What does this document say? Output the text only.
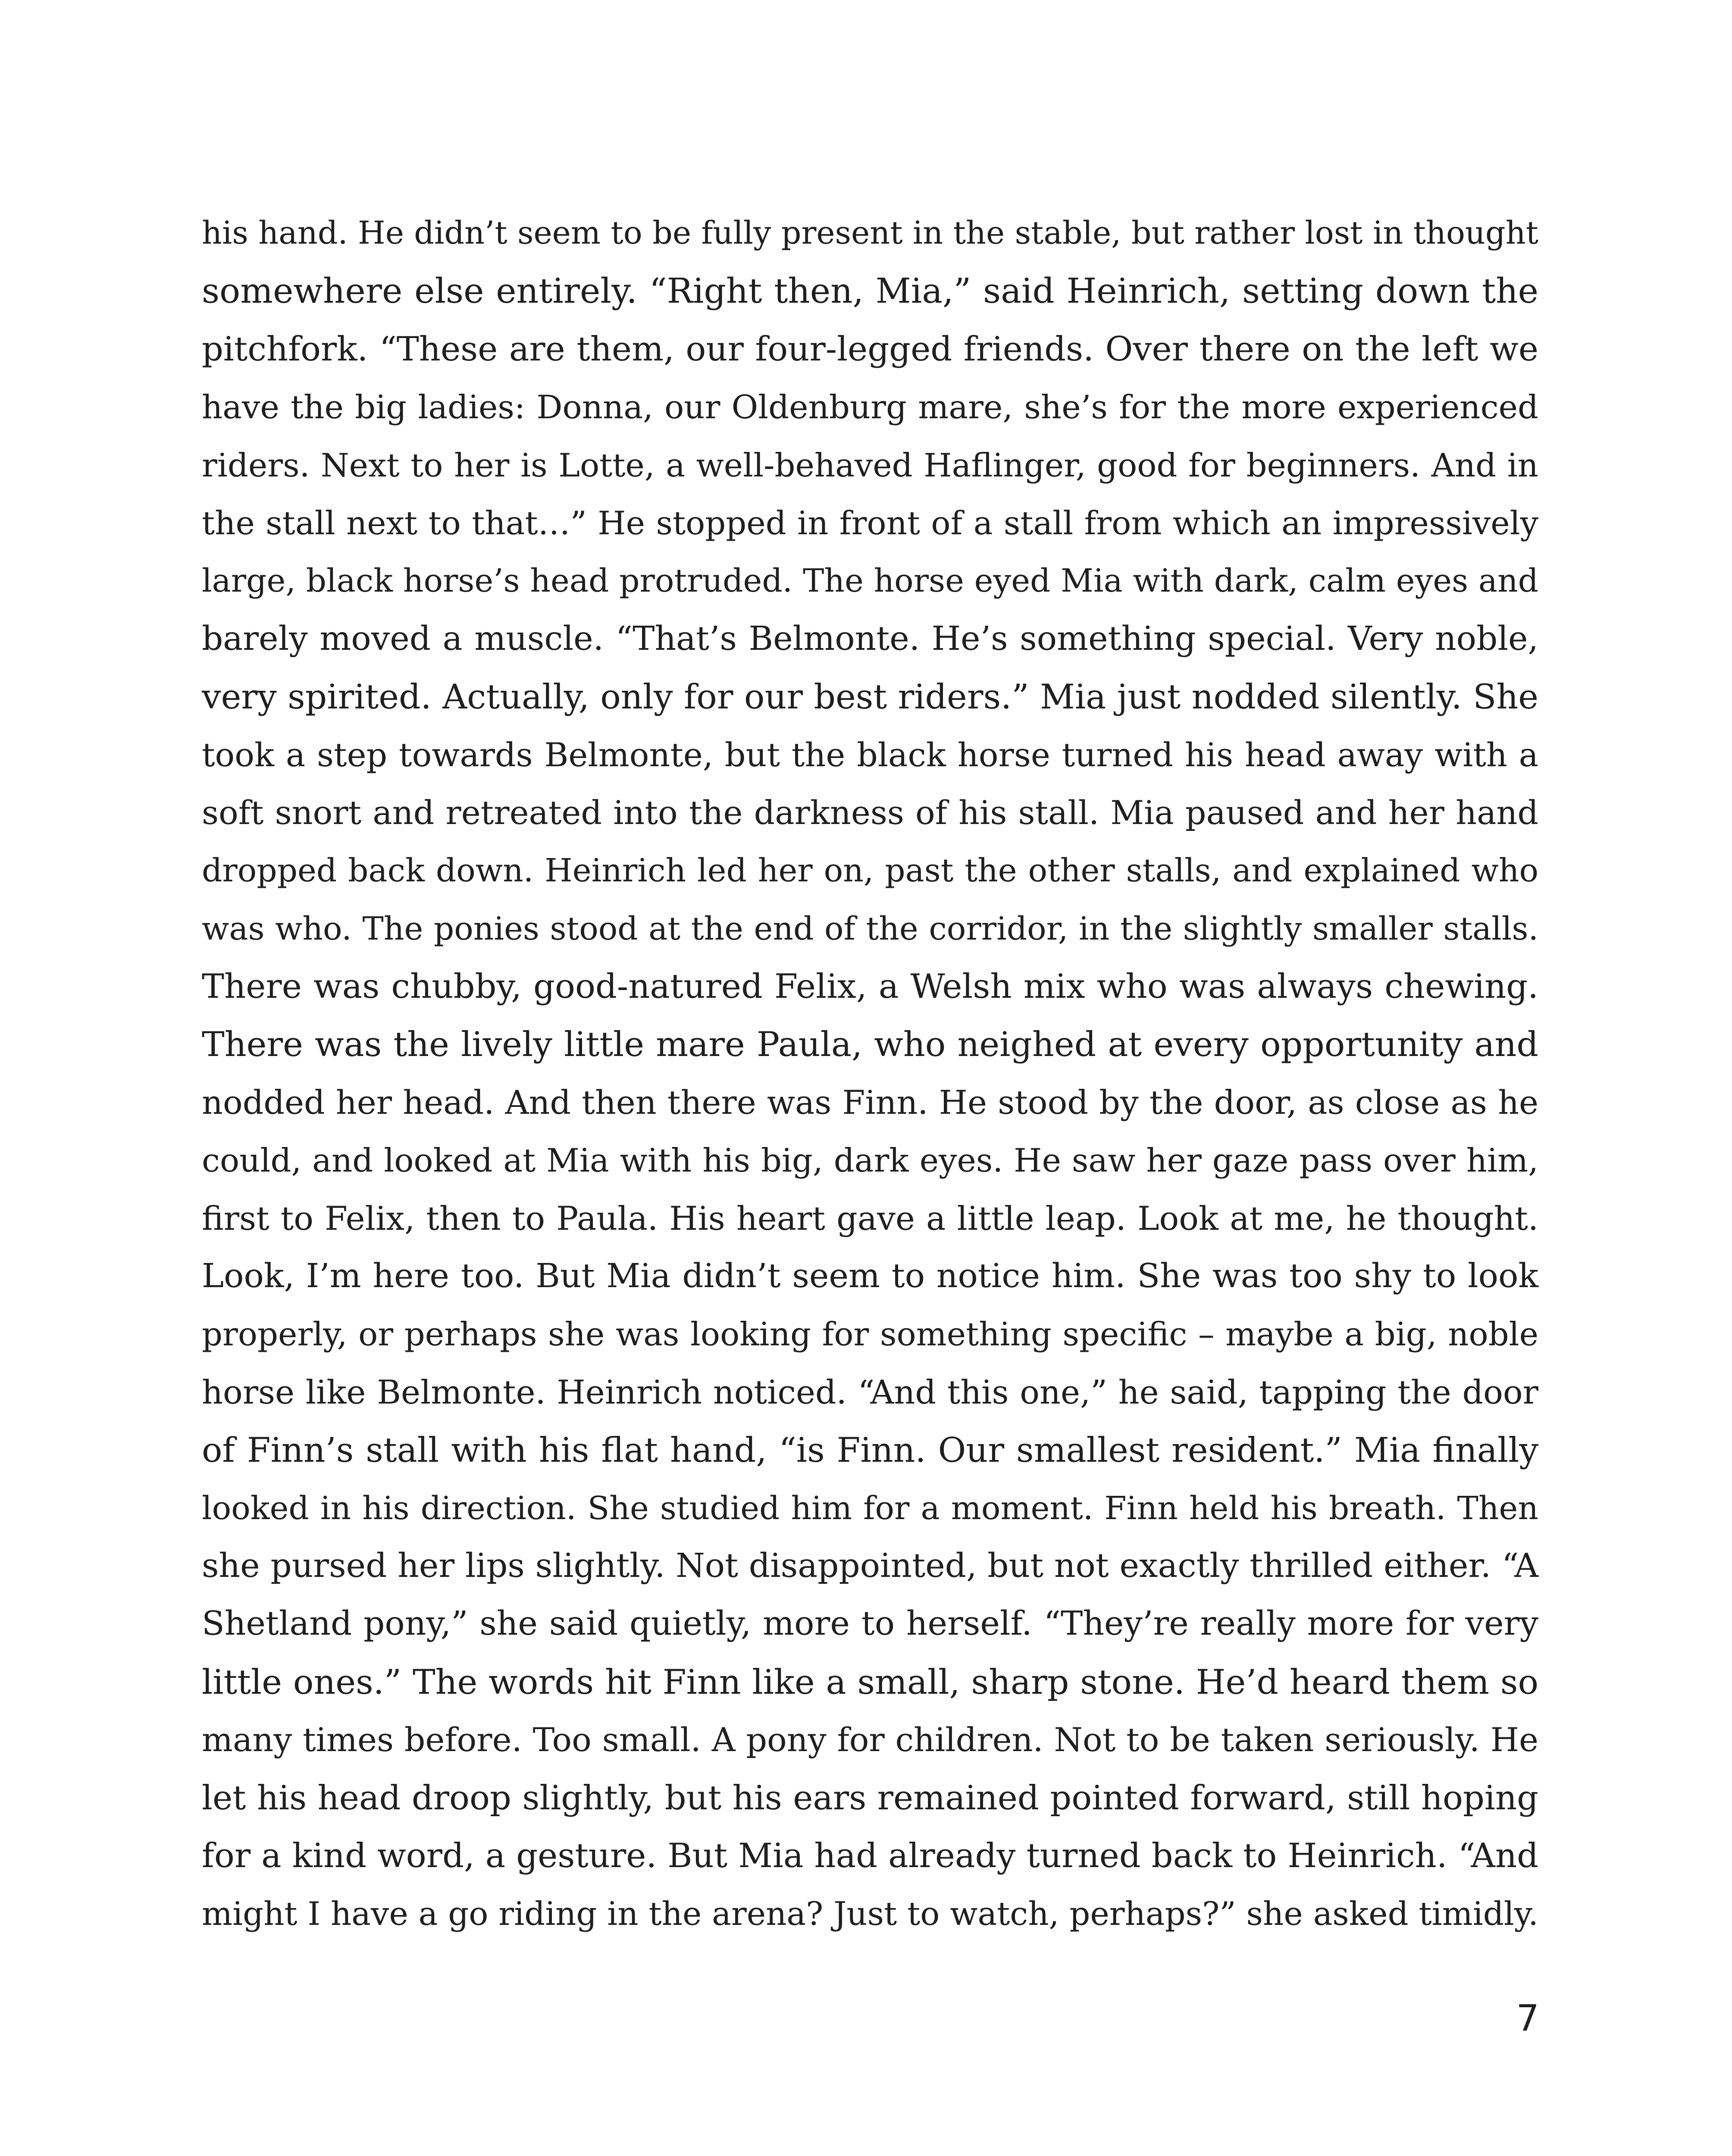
his hand. He didn’t seem to be fully present in the stable, but rather lost in thought
somewhere else entirely. “Right then, Mia,” said Heinrich, setting down the
pitchfork. “These are them, our four-legged friends. Over there on the left we
have the big ladies: Donna, our Oldenburg mare, she’s for the more experienced
riders. Next to her is Lotte, a well-behaved Haflinger, good for beginners. And in
the stall next to that…” He stopped in front of a stall from which an impressively
large, black horse’s head protruded. The horse eyed Mia with dark, calm eyes and
barely moved a muscle. “That’s Belmonte. He’s something special. Very noble,
very spirited. Actually, only for our best riders.” Mia just nodded silently. She
took a step towards Belmonte, but the black horse turned his head away with a
soft snort and retreated into the darkness of his stall. Mia paused and her hand
dropped back down. Heinrich led her on, past the other stalls, and explained who
was who. The ponies stood at the end of the corridor, in the slightly smaller stalls.
There was chubby, good-natured Felix, a Welsh mix who was always chewing.
There was the lively little mare Paula, who neighed at every opportunity and
nodded her head. And then there was Finn. He stood by the door, as close as he
could, and looked at Mia with his big, dark eyes. He saw her gaze pass over him,
first to Felix, then to Paula. His heart gave a little leap. Look at me, he thought.
Look, I’m here too. But Mia didn’t seem to notice him. She was too shy to look
properly, or perhaps she was looking for something specific – maybe a big, noble
horse like Belmonte. Heinrich noticed. “And this one,” he said, tapping the door
of Finn’s stall with his flat hand, “is Finn. Our smallest resident.” Mia finally
looked in his direction. She studied him for a moment. Finn held his breath. Then
she pursed her lips slightly. Not disappointed, but not exactly thrilled either. “A
Shetland pony,” she said quietly, more to herself. “They’re really more for very
little ones.” The words hit Finn like a small, sharp stone. He’d heard them so
many times before. Too small. A pony for children. Not to be taken seriously. He
let his head droop slightly, but his ears remained pointed forward, still hoping
for a kind word, a gesture. But Mia had already turned back to Heinrich. “And
might I have a go riding in the arena? Just to watch, perhaps?” she asked timidly.
7
